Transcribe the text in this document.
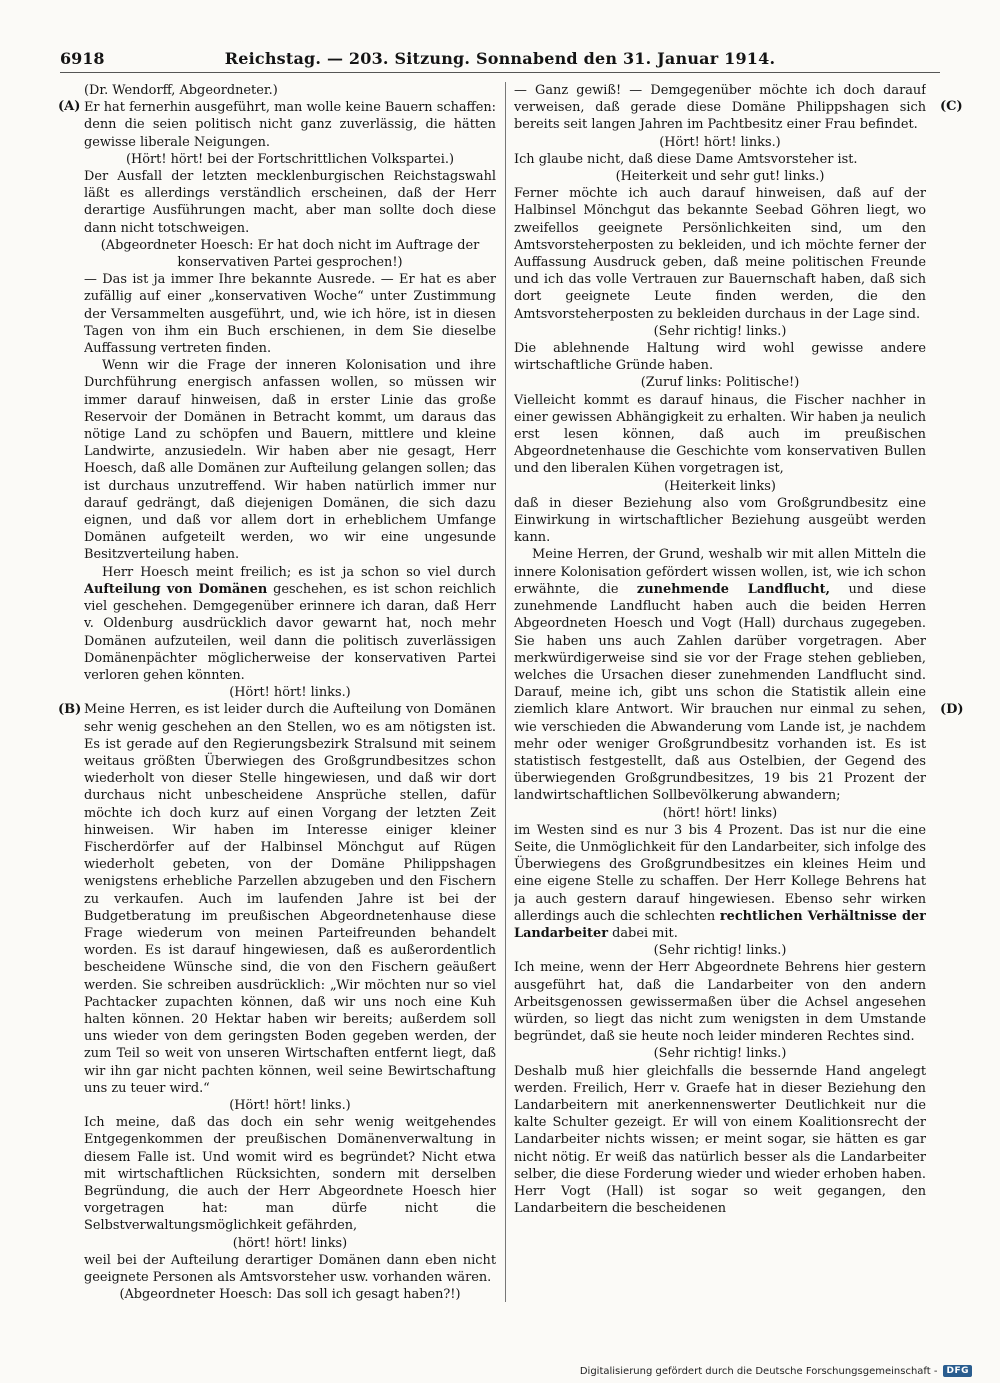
6918	Reichstag. — 203. Sitzung. Sonnabend den 31. Januar 1914.
(A)
(B)
(C)
(D)

(Dr. Wendorff, Abgeordneter.)

Er hat fernerhin ausgeführt, man wolle keine Bauern schaffen: denn die seien politisch nicht ganz zuverlässig, die hätten gewisse liberale Neigungen.

(Hört! hört! bei der Fortschrittlichen Volkspartei.)

Der Ausfall der letzten mecklenburgischen Reichstagswahl läßt es allerdings verständlich erscheinen, daß der Herr derartige Ausführungen macht, aber man sollte doch diese dann nicht totschweigen.

(Abgeordneter Hoesch: Er hat doch nicht im Auftrage der konservativen Partei gesprochen!)

— Das ist ja immer Ihre bekannte Ausrede. — Er hat es aber zufällig auf einer „konservativen Woche“ unter Zustimmung der Versammelten ausgeführt, und, wie ich höre, ist in diesen Tagen von ihm ein Buch erschienen, in dem Sie dieselbe Auffassung vertreten finden.

Wenn wir die Frage der inneren Kolonisation und ihre Durchführung energisch anfassen wollen, so müssen wir immer darauf hinweisen, daß in erster Linie das große Reservoir der Domänen in Betracht kommt, um daraus das nötige Land zu schöpfen und Bauern, mittlere und kleine Landwirte, anzusiedeln. Wir haben aber nie gesagt, Herr Hoesch, daß alle Domänen zur Aufteilung gelangen sollen; das ist durchaus unzutreffend. Wir haben natürlich immer nur darauf gedrängt, daß diejenigen Domänen, die sich dazu eignen, und daß vor allem dort in erheblichem Umfange Domänen aufgeteilt werden, wo wir eine ungesunde Besitzverteilung haben.

Herr Hoesch meint freilich; es ist ja schon so viel durch Aufteilung von Domänen geschehen, es ist schon reichlich viel geschehen. Demgegenüber erinnere ich daran, daß Herr v. Oldenburg ausdrücklich davor gewarnt hat, noch mehr Domänen aufzuteilen, weil dann die politisch zuverlässigen Domänenpächter möglicherweise der konservativen Partei verloren gehen könnten.

(Hört! hört! links.)

Meine Herren, es ist leider durch die Aufteilung von Domänen sehr wenig geschehen an den Stellen, wo es am nötigsten ist. Es ist gerade auf den Regierungsbezirk Stralsund mit seinem weitaus größten Überwiegen des Großgrundbesitzes schon wiederholt von dieser Stelle hingewiesen, und daß wir dort durchaus nicht unbescheidene Ansprüche stellen, dafür möchte ich doch kurz auf einen Vorgang der letzten Zeit hinweisen. Wir haben im Interesse einiger kleiner Fischerdörfer auf der Halbinsel Mönchgut auf Rügen wiederholt gebeten, von der Domäne Philippshagen wenigstens erhebliche Parzellen abzugeben und den Fischern zu verkaufen. Auch im laufenden Jahre ist bei der Budgetberatung im preußischen Abgeordnetenhause diese Frage wiederum von meinen Parteifreunden behandelt worden. Es ist darauf hingewiesen, daß es außerordentlich bescheidene Wünsche sind, die von den Fischern geäußert werden. Sie schreiben ausdrücklich: „Wir möchten nur so viel Pachtacker zupachten können, daß wir uns noch eine Kuh halten können. 20 Hektar haben wir bereits; außerdem soll uns wieder von dem geringsten Boden gegeben werden, der zum Teil so weit von unseren Wirtschaften entfernt liegt, daß wir ihn gar nicht pachten können, weil seine Bewirtschaftung uns zu teuer wird.“

(Hört! hört! links.)

Ich meine, daß das doch ein sehr wenig weitgehendes Entgegenkommen der preußischen Domänenverwaltung in diesem Falle ist. Und womit wird es begründet? Nicht etwa mit wirtschaftlichen Rücksichten, sondern mit derselben Begründung, die auch der Herr Abgeordnete Hoesch hier vorgetragen hat: man dürfe nicht die Selbstverwaltungsmöglichkeit gefährden,

(hört! hört! links)

weil bei der Aufteilung derartiger Domänen dann eben nicht geeignete Personen als Amtsvorsteher usw. vorhanden wären.

(Abgeordneter Hoesch: Das soll ich gesagt haben?!)

— Ganz gewiß! — Demgegenüber möchte ich doch darauf verweisen, daß gerade diese Domäne Philippshagen sich bereits seit langen Jahren im Pachtbesitz einer Frau befindet.

(Hört! hört! links.)

Ich glaube nicht, daß diese Dame Amtsvorsteher ist.

(Heiterkeit und sehr gut! links.)

Ferner möchte ich auch darauf hinweisen, daß auf der Halbinsel Mönchgut das bekannte Seebad Göhren liegt, wo zweifellos geeignete Persönlichkeiten sind, um den Amtsvorsteherposten zu bekleiden, und ich möchte ferner der Auffassung Ausdruck geben, daß meine politischen Freunde und ich das volle Vertrauen zur Bauernschaft haben, daß sich dort geeignete Leute finden werden, die den Amtsvorsteherposten zu bekleiden durchaus in der Lage sind.

(Sehr richtig! links.)

Die ablehnende Haltung wird wohl gewisse andere wirtschaftliche Gründe haben.

(Zuruf links: Politische!)

Vielleicht kommt es darauf hinaus, die Fischer nachher in einer gewissen Abhängigkeit zu erhalten. Wir haben ja neulich erst lesen können, daß auch im preußischen Abgeordnetenhause die Geschichte vom konservativen Bullen und den liberalen Kühen vorgetragen ist,

(Heiterkeit links)

daß in dieser Beziehung also vom Großgrundbesitz eine Einwirkung in wirtschaftlicher Beziehung ausgeübt werden kann.

Meine Herren, der Grund, weshalb wir mit allen Mitteln die innere Kolonisation gefördert wissen wollen, ist, wie ich schon erwähnte, die zunehmende Landflucht, und diese zunehmende Landflucht haben auch die beiden Herren Abgeordneten Hoesch und Vogt (Hall) durchaus zugegeben. Sie haben uns auch Zahlen darüber vorgetragen. Aber merkwürdigerweise sind sie vor der Frage stehen geblieben, welches die Ursachen dieser zunehmenden Landflucht sind. Darauf, meine ich, gibt uns schon die Statistik allein eine ziemlich klare Antwort. Wir brauchen nur einmal zu sehen, wie verschieden die Abwanderung vom Lande ist, je nachdem mehr oder weniger Großgrundbesitz vorhanden ist. Es ist statistisch festgestellt, daß aus Ostelbien, der Gegend des überwiegenden Großgrundbesitzes, 19 bis 21 Prozent der landwirtschaftlichen Sollbevölkerung abwandern;

(hört! hört! links)

im Westen sind es nur 3 bis 4 Prozent. Das ist nur die eine Seite, die Unmöglichkeit für den Landarbeiter, sich infolge des Überwiegens des Großgrundbesitzes ein kleines Heim und eine eigene Stelle zu schaffen. Der Herr Kollege Behrens hat ja auch gestern darauf hingewiesen. Ebenso sehr wirken allerdings auch die schlechten rechtlichen Verhältnisse der Landarbeiter dabei mit.

(Sehr richtig! links.)

Ich meine, wenn der Herr Abgeordnete Behrens hier gestern ausgeführt hat, daß die Landarbeiter von den andern Arbeitsgenossen gewissermaßen über die Achsel angesehen würden, so liegt das nicht zum wenigsten in dem Umstande begründet, daß sie heute noch leider minderen Rechtes sind.

(Sehr richtig! links.)

Deshalb muß hier gleichfalls die bessernde Hand angelegt werden. Freilich, Herr v. Graefe hat in dieser Beziehung den Landarbeitern mit anerkennenswerter Deutlichkeit nur die kalte Schulter gezeigt. Er will von einem Koalitionsrecht der Landarbeiter nichts wissen; er meint sogar, sie hätten es gar nicht nötig. Er weiß das natürlich besser als die Landarbeiter selber, die diese Forderung wieder und wieder erhoben haben. Herr Vogt (Hall) ist sogar so weit gegangen, den Landarbeitern die bescheidenen

Digitalisierung gefördert durch die Deutsche Forschungsgemeinschaft -	DFG
